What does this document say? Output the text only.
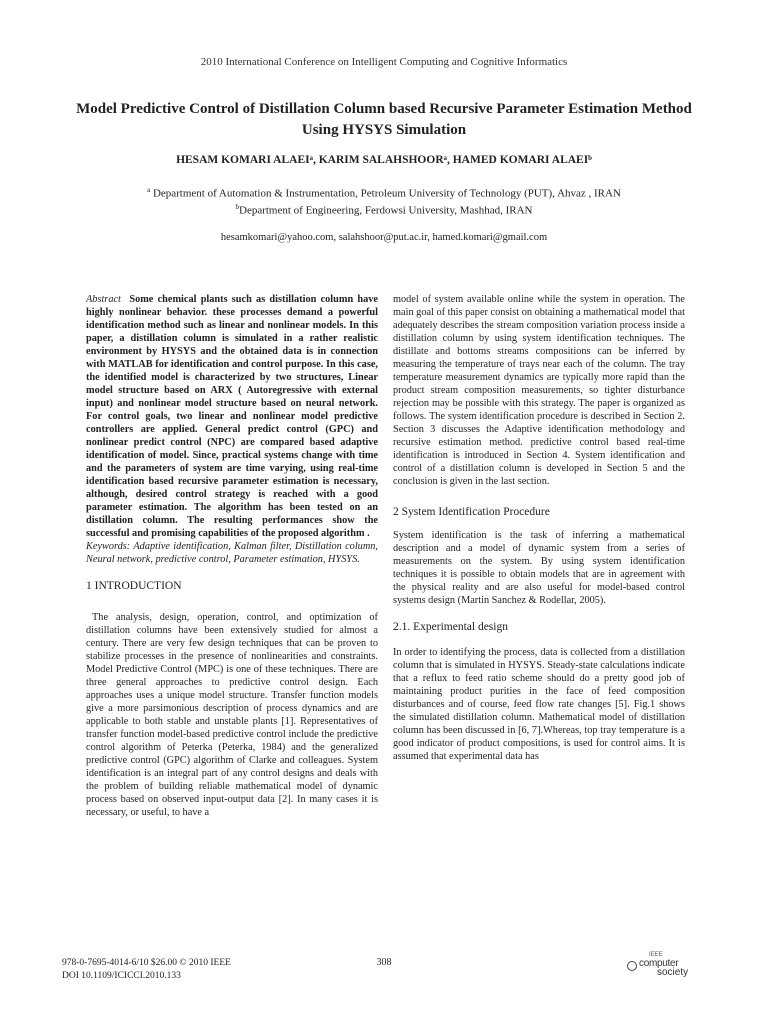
2010 International Conference on Intelligent Computing and Cognitive Informatics
Model Predictive Control of Distillation Column based Recursive Parameter Estimation Method Using HYSYS Simulation
HESAM KOMARI ALAEIᵃ, KARIM SALAHSHOORᵃ, HAMED KOMARI ALAEIᵇ
$^a$ Department of Automation & Instrumentation, Petroleum University of Technology (PUT), Ahvaz , IRAN
$^b$Department of Engineering, Ferdowsi University, Mashhad, IRAN
hesamkomari@yahoo.com, salahshoor@put.ac.ir, hamed.komari@gmail.com

Abstract Some chemical plants such as distillation column have highly nonlinear behavior. these processes demand a powerful identification method such as linear and nonlinear models. In this paper, a distillation column is simulated in a rather realistic environment by HYSYS and the obtained data is in connection with MATLAB for identification and control purpose. In this case, the identified model is characterized by two structures, Linear model structure based on ARX ( Autoregressive with external input) and nonlinear model structure based on neural network. For control goals, two linear and nonlinear model predictive controllers are applied. General predict control (GPC) and nonlinear predict control (NPC) are compared based adaptive identification of model. Since, practical systems change with time and the parameters of system are time varying, using real-time identification based recursive parameter estimation is necessary, although, desired control strategy is reached with a good parameter estimation. The algorithm has been tested on an distillation column. The resulting performances show the successful and promising capabilities of the proposed algorithm .

Keywords: Adaptive identification, Kalman filter, Distillation column, Neural network, predictive control, Parameter estimation, HYSYS.

1 INTRODUCTION

The analysis, design, operation, control, and optimization of distillation columns have been extensively studied for almost a century. There are very few design techniques that can be proven to stabilize processes in the presence of nonlinearities and constraints. Model Predictive Control (MPC) is one of these techniques. There are three general approaches to predictive control design. Each approaches uses a unique model structure. Transfer function models give a more parsimonious description of process dynamics and are applicable to both stable and unstable plants [1]. Representatives of transfer function model-based predictive control include the predictive control algorithm of Peterka (Peterka, 1984) and the generalized predictive control (GPC) algorithm of Clarke and colleagues. System identification is an integral part of any control designs and deals with the problem of building reliable mathematical model of dynamic process based on observed input-output data [2]. In many cases it is necessary, or useful, to have a

model of system available online while the system in operation. The main goal of this paper consist on obtaining a mathematical model that adequately describes the stream composition variation process inside a distillation column by using system identification techniques. The distillate and bottoms streams compositions can be inferred by measuring the temperature of trays near each of the column. The tray temperature measurement dynamics are typically more rapid than the product stream composition measurements, so tighter disturbance rejection may be possible with this strategy. The paper is organized as follows. The system identification procedure is described in Section 2. Section 3 discusses the Adaptive identification methodology and recursive estimation method. predictive control based real-time identification is introduced in Section 4. System identification and control of a distillation column is developed in Section 5 and the conclusion is given in the last section.

2 System Identification Procedure

System identification is the task of inferring a mathematical description and a model of dynamic system from a series of measurements on the system. By using system identification techniques it is possible to obtain models that are in agreement with the physical reality and are also useful for model-based control systems design (Martin Sanchez & Rodellar, 2005).

2.1. Experimental design

In order to identifying the process, data is collected from a distillation column that is simulated in HYSYS. Steady-state calculations indicate that a reflux to feed ratio scheme should do a pretty good job of maintaining product purities in the face of feed composition disturbances and of course, feed flow rate changes [5]. Fig.1 shows the simulated distillation column. Mathematical model of distillation column has been discussed in [6, 7].Whereas, top tray temperature is a good indicator of product compositions, is used for control aims. It is assumed that experimental data has

978-0-7695-4014-6/10 $26.00 © 2010 IEEE
DOI 10.1109/ICICCI.2010.133
308
IEEE
computer
society
